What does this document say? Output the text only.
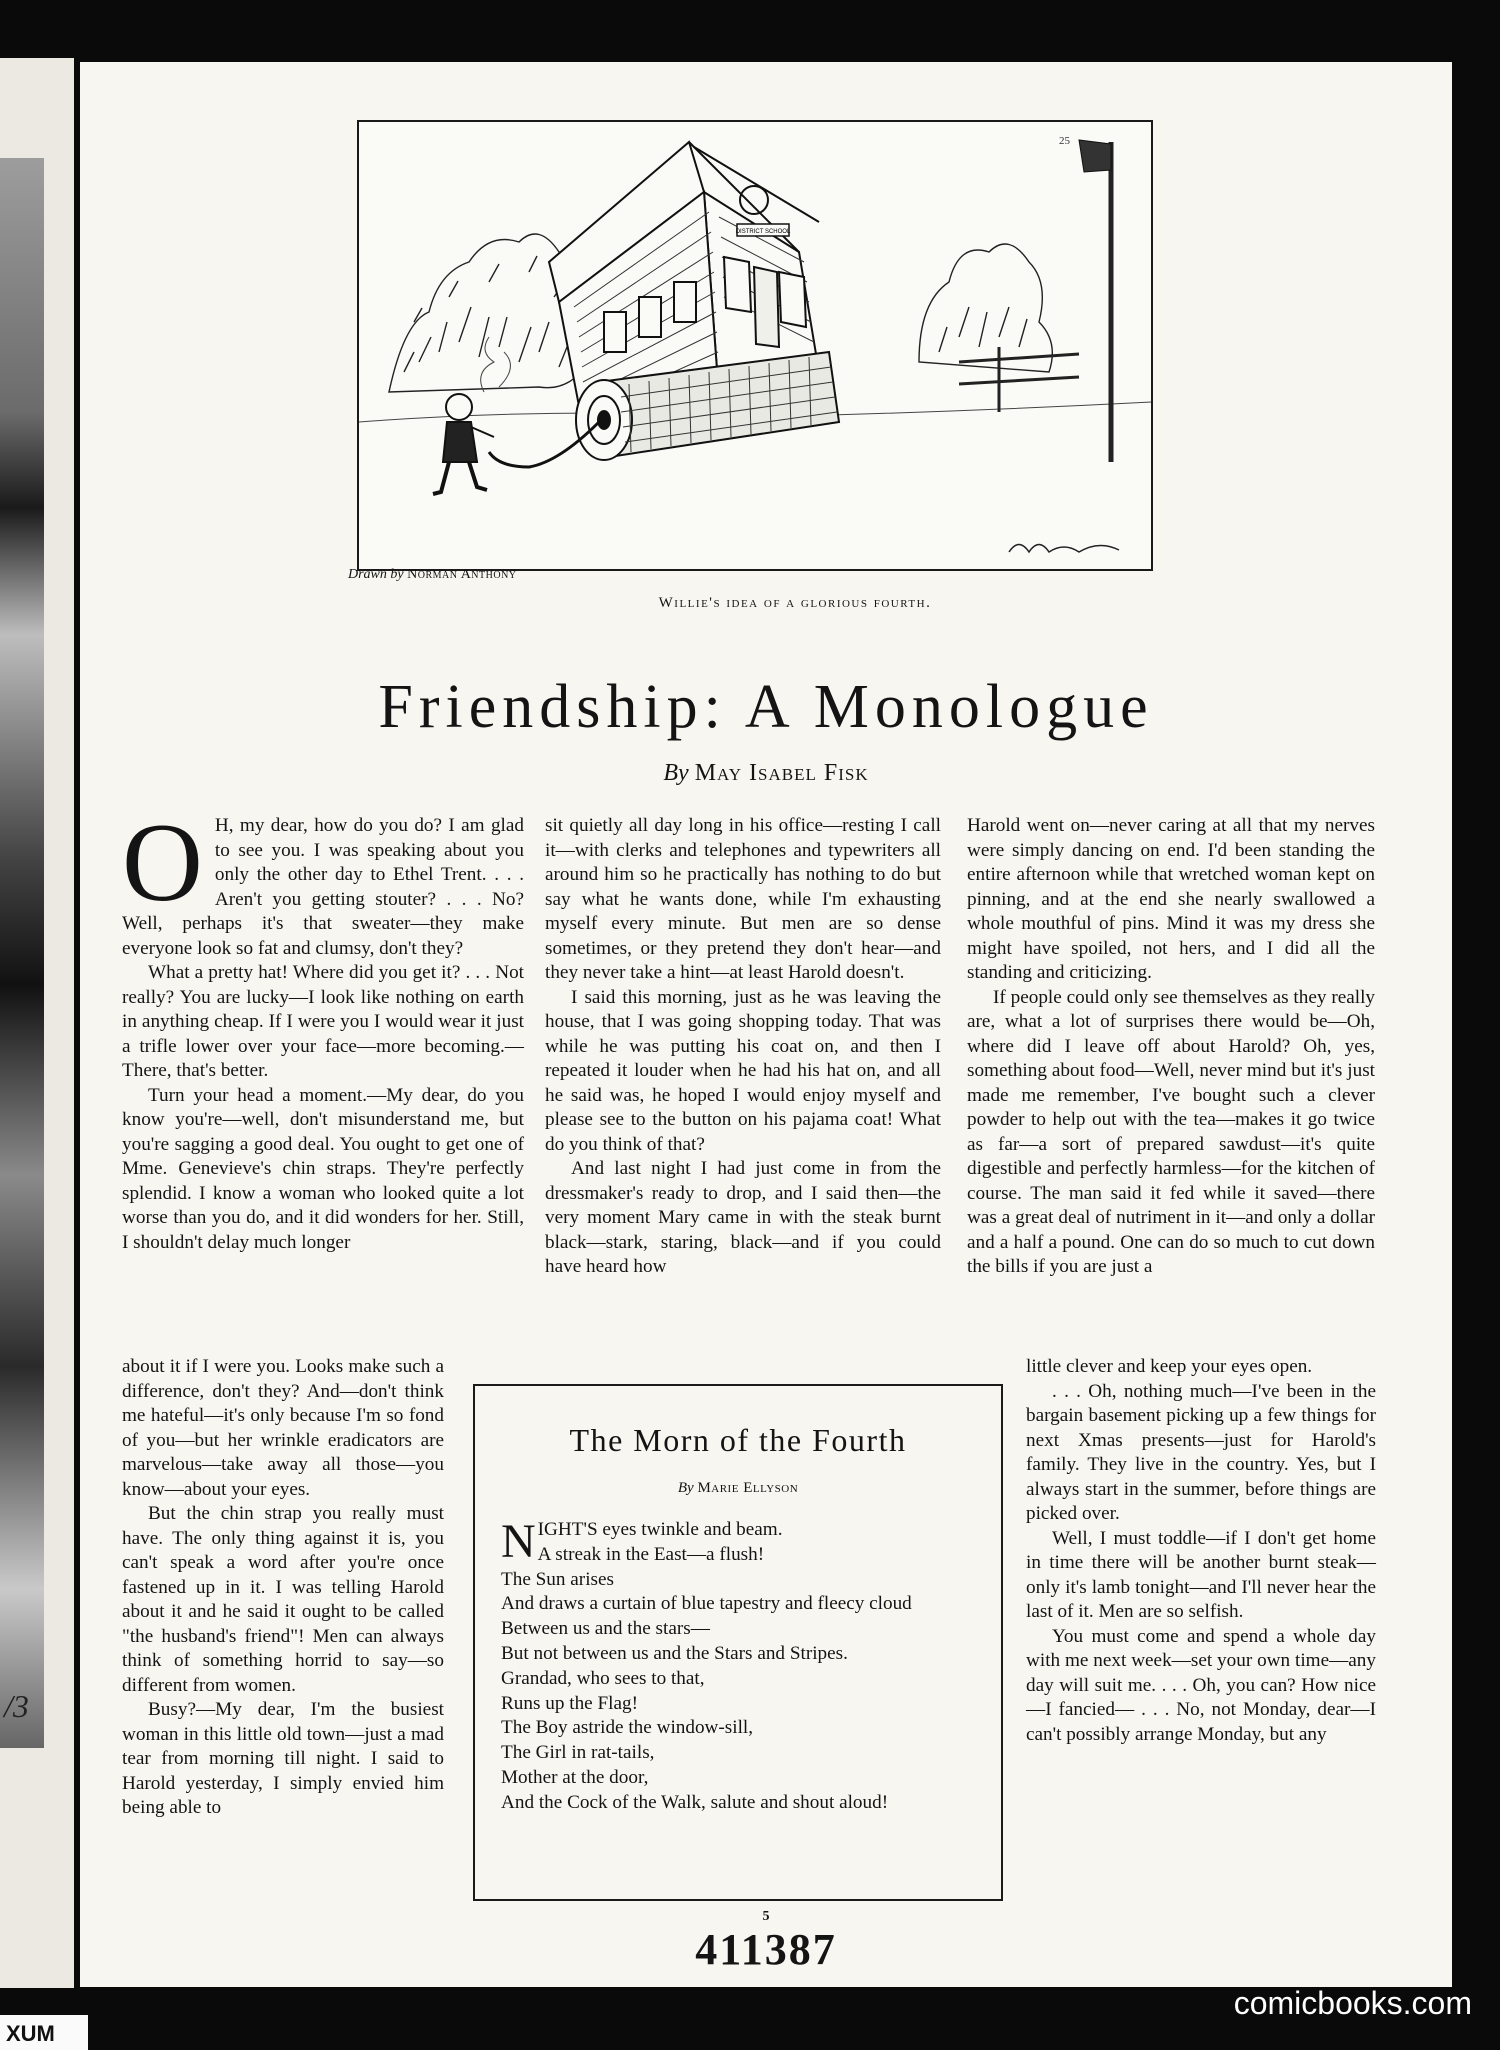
/3
DISTRICT SCHOOL
25
Drawn by Norman Anthony
Willie's idea of a glorious fourth.
Friendship: A Monologue
By May Isabel Fisk

O H, my dear, how do you do? I am glad to see you. I was speaking about you only the other day to Ethel Trent. . . . Aren't you getting stouter? . . . No? Well, perhaps it's that sweater—they make everyone look so fat and clumsy, don't they?

What a pretty hat! Where did you get it? . . . Not really? You are lucky—I look like nothing on earth in anything cheap. If I were you I would wear it just a trifle lower over your face—more becoming.—There, that's better.

Turn your head a moment.—My dear, do you know you're—well, don't misunderstand me, but you're sagging a good deal. You ought to get one of Mme. Genevieve's chin straps. They're perfectly splendid. I know a woman who looked quite a lot worse than you do, and it did wonders for her. Still, I shouldn't delay much longer

about it if I were you. Looks make such a difference, don't they? And—don't think me hateful—it's only because I'm so fond of you—but her wrinkle eradicators are marvelous—take away all those—you know—about your eyes.

But the chin strap you really must have. The only thing against it is, you can't speak a word after you're once fastened up in it. I was telling Harold about it and he said it ought to be called "the husband's friend"! Men can always think of something horrid to say—so different from women.

Busy?—My dear, I'm the busiest woman in this little old town—just a mad tear from morning till night. I said to Harold yesterday, I simply envied him being able to

sit quietly all day long in his office—resting I call it—with clerks and telephones and typewriters all around him so he practically has nothing to do but say what he wants done, while I'm exhausting myself every minute. But men are so dense sometimes, or they pretend they don't hear—and they never take a hint—at least Harold doesn't.

I said this morning, just as he was leaving the house, that I was going shopping today. That was while he was putting his coat on, and then I repeated it louder when he had his hat on, and all he said was, he hoped I would enjoy myself and please see to the button on his pajama coat! What do you think of that?

And last night I had just come in from the dressmaker's ready to drop, and I said then—the very moment Mary came in with the steak burnt black—stark, staring, black—and if you could have heard how

Harold went on—never caring at all that my nerves were simply dancing on end. I'd been standing the entire afternoon while that wretched woman kept on pinning, and at the end she nearly swallowed a whole mouthful of pins. Mind it was my dress she might have spoiled, not hers, and I did all the standing and criticizing.

If people could only see themselves as they really are, what a lot of surprises there would be—Oh, where did I leave off about Harold? Oh, yes, something about food—Well, never mind but it's just made me remember, I've bought such a clever powder to help out with the tea—makes it go twice as far—a sort of prepared sawdust—it's quite digestible and perfectly harmless—for the kitchen of course. The man said it fed while it saved—there was a great deal of nutriment in it—and only a dollar and a half a pound. One can do so much to cut down the bills if you are just a

little clever and keep your eyes open.

. . . Oh, nothing much—I've been in the bargain basement picking up a few things for next Xmas presents—just for Harold's family. They live in the country. Yes, but I always start in the summer, before things are picked over.

Well, I must toddle—if I don't get home in time there will be another burnt steak—only it's lamb tonight—and I'll never hear the last of it. Men are so selfish.

You must come and spend a whole day with me next week—set your own time—any day will suit me. . . . Oh, you can? How nice—I fancied— . . . No, not Monday, dear—I can't possibly arrange Monday, but any

The Morn of the Fourth
By Marie Ellyson
NIGHT'S eyes twinkle and beam.
A streak in the East—a flush!
The Sun arises
And draws a curtain of blue tapestry and fleecy cloud
Between us and the stars—
But not between us and the Stars and Stripes.
Grandad, who sees to that,
Runs up the Flag!
The Boy astride the window-sill,
The Girl in rat-tails,
Mother at the door,
And the Cock of the Walk, salute and shout aloud!
5
411387
comicbooks.com
XUM
